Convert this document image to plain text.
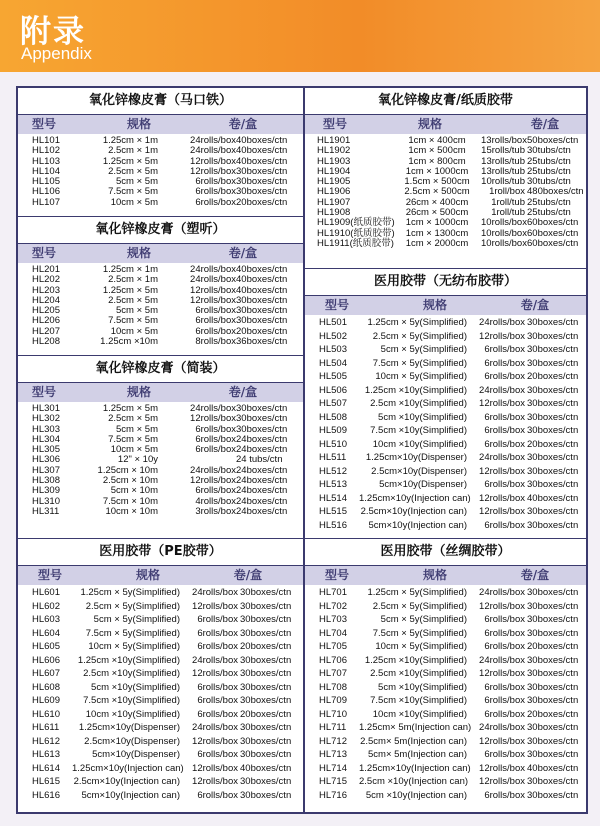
附录
Appendix
氧化锌橡皮膏（马口铁）
型号	规格	卷/盒
HL101	1.25cm × 1m	24rolls/box 40boxes/ctn
HL102	2.5cm × 1m	24rolls/box 40boxes/ctn
HL103	1.25cm × 5m	12rolls/box 40boxes/ctn
HL104	2.5cm × 5m	12rolls/box 30boxes/ctn
HL105	5cm × 5m	6rolls/box 30boxes/ctn
HL106	7.5cm × 5m	6rolls/box 30boxes/ctn
HL107	10cm × 5m	6rolls/box 20boxes/ctn
氧化锌橡皮膏（塑听）
型号	规格	卷/盒
HL201	1.25cm × 1m	24rolls/box 40boxes/ctn
HL202	2.5cm × 1m	24rolls/box 40boxes/ctn
HL203	1.25cm × 5m	12rolls/box 40boxes/ctn
HL204	2.5cm × 5m	12rolls/box 30boxes/ctn
HL205	5cm × 5m	6rolls/box 30boxes/ctn
HL206	7.5cm × 5m	6rolls/box 30boxes/ctn
HL207	10cm × 5m	6rolls/box 20boxes/ctn
HL208	1.25cm ×10m	8rolls/box 36boxes/ctn
氧化锌橡皮膏（简装）
型号	规格	卷/盒
HL301	1.25cm × 5m	24rolls/box 30boxes/ctn
HL302	2.5cm × 5m	12rolls/box 30boxes/ctn
HL303	5cm × 5m	6rolls/box 30boxes/ctn
HL304	7.5cm × 5m	6rolls/box 24boxes/ctn
HL305	10cm × 5m	6rolls/box 24boxes/ctn
HL306	12" × 10y	24 tubs/ctn
HL307	1.25cm × 10m	24rolls/box 24boxes/ctn
HL308	2.5cm × 10m	12rolls/box 24boxes/ctn
HL309	5cm × 10m	6rolls/box 24boxes/ctn
HL310	7.5cm × 10m	4rolls/box 24boxes/ctn
HL311	10cm × 10m	3rolls/box 24boxes/ctn
医用胶带（PE胶带）
型号	规格	卷/盒
HL601	1.25cm × 5y(Simplified)	24rolls/box 30boxes/ctn
HL602	2.5cm × 5y(Simplified)	12rolls/box 30boxes/ctn
HL603	5cm × 5y(Simplified)	6rolls/box 30boxes/ctn
HL604	7.5cm × 5y(Simplified)	6rolls/box 30boxes/ctn
HL605	10cm × 5y(Simplified)	6rolls/box 20boxes/ctn
HL606	1.25cm ×10y(Simplified)	24rolls/box 30boxes/ctn
HL607	2.5cm ×10y(Simplified)	12rolls/box 30boxes/ctn
HL608	5cm ×10y(Simplified)	6rolls/box 30boxes/ctn
HL609	7.5cm ×10y(Simplified)	6rolls/box 30boxes/ctn
HL610	10cm ×10y(Simplified)	6rolls/box 20boxes/ctn
HL611	1.25cm×10y(Dispenser)	24rolls/box 30boxes/ctn
HL612	2.5cm×10y(Dispenser)	12rolls/box 30boxes/ctn
HL613	5cm×10y(Dispenser)	6rolls/box 30boxes/ctn
HL614	1.25cm×10y(Injection can) 12rolls/box 40boxes/ctn
HL615	2.5cm×10y(Injection can)	12rolls/box 30boxes/ctn
HL616	5cm×10y(Injection can)	6rolls/box 30boxes/ctn
氧化锌橡皮膏/纸质胶带
型号	规格	卷/盒
HL1901	1cm × 400cm	13rolls/box 50boxes/ctn
HL1902	1cm × 500cm	15rolls/tub 30tubs/ctn
HL1903	1cm × 800cm	13rolls/tub 25tubs/ctn
HL1904	1cm × 1000cm	13rolls/tub 25tubs/ctn
HL1905	1.5cm × 500cm	10rolls/tub 30tubs/ctn
HL1906	2.5cm × 500cm	1roll/box 480boxes/ctn
HL1907	26cm × 400cm	1roll/tub 25tubs/ctn
HL1908	26cm × 500cm	1roll/tub 25tubs/ctn
HL1909(纸质胶带)	1cm × 1000cm	10rolls/box 60boxes/ctn
HL1910(纸质胶带)	1cm × 1300cm	10rolls/box 60boxes/ctn
HL1911(纸质胶带)	1cm × 2000cm	10rolls/box 60boxes/ctn
医用胶带（无纺布胶带）
型号	规格	卷/盒
HL501	1.25cm × 5y(Simplified)	24rolls/box 30boxes/ctn
HL502	2.5cm × 5y(Simplified)	12rolls/box 30boxes/ctn
HL503	5cm × 5y(Simplified)	6rolls/box 30boxes/ctn
HL504	7.5cm × 5y(Simplified)	6rolls/box 30boxes/ctn
HL505	10cm × 5y(Simplified)	6rolls/box 20boxes/ctn
HL506	1.25cm ×10y(Simplified)	24rolls/box 30boxes/ctn
HL507	2.5cm ×10y(Simplified)	12rolls/box 30boxes/ctn
HL508	5cm ×10y(Simplified)	6rolls/box 30boxes/ctn
HL509	7.5cm ×10y(Simplified)	6rolls/box 30boxes/ctn
HL510	10cm ×10y(Simplified)	6rolls/box 20boxes/ctn
HL511	1.25cm×10y(Dispenser)	24rolls/box 30boxes/ctn
HL512	2.5cm×10y(Dispenser)	12rolls/box 30boxes/ctn
HL513	5cm×10y(Dispenser)	6rolls/box 30boxes/ctn
HL514	1.25cm×10y(Injection can) 12rolls/box 40boxes/ctn
HL515	2.5cm×10y(Injection can)	12rolls/box 30boxes/ctn
HL516	5cm×10y(Injection can)	6rolls/box 30boxes/ctn
医用胶带（丝绸胶带）
型号	规格	卷/盒
HL701	1.25cm × 5y(Simplified)	24rolls/box 30boxes/ctn
HL702	2.5cm × 5y(Simplified)	12rolls/box 30boxes/ctn
HL703	5cm × 5y(Simplified)	6rolls/box 30boxes/ctn
HL704	7.5cm × 5y(Simplified)	6rolls/box 30boxes/ctn
HL705	10cm × 5y(Simplified)	6rolls/box 20boxes/ctn
HL706	1.25cm ×10y(Simplified)	24rolls/box 30boxes/ctn
HL707	2.5cm ×10y(Simplified)	12rolls/box 30boxes/ctn
HL708	5cm ×10y(Simplified)	6rolls/box 30boxes/ctn
HL709	7.5cm ×10y(Simplified)	6rolls/box 30boxes/ctn
HL710	10cm ×10y(Simplified)	6rolls/box 20boxes/ctn
HL711	1.25cm× 5m(Injection can) 24rolls/box 30boxes/ctn
HL712	2.5cm× 5m(Injection can)	12rolls/box 30boxes/ctn
HL713	5cm× 5m(Injection can)	6rolls/box 30boxes/ctn
HL714	1.25cm×10y(Injection can) 12rolls/box 40boxes/ctn
HL715	2.5cm ×10y(Injection can)	12rolls/box 30boxes/ctn
HL716	5cm ×10y(Injection can)	6rolls/box 30boxes/ctn
